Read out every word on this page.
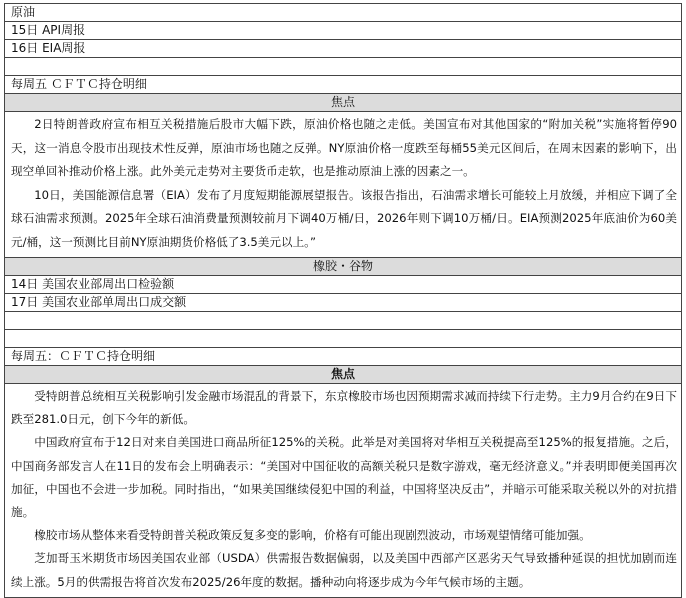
原油
15日 API周报
16日 EIA周报
每周五 ＣＦＴＣ持仓明细
焦点

2日特朗普政府宣布相互关税措施后股市大幅下跌，原油价格也随之走低。美国宣布对其他国家的“附加关税”实施将暂停90天，这一消息令股市出现技术性反弹，原油市场也随之反弹。NY原油价格一度跌至每桶55美元区间后，在周末因素的影响下，出现空单回补推动价格上涨。此外美元走势对主要货币走软，也是推动原油上涨的因素之一。

10日，美国能源信息署（EIA）发布了月度短期能源展望报告。该报告指出，石油需求增长可能较上月放缓，并相应下调了全球石油需求预测。2025年全球石油消费量预测较前月下调40万桶/日，2026年则下调10万桶/日。EIA预测2025年底油价为60美元/桶，这一预测比目前NY原油期货价格低了3.5美元以上。”

橡胶・谷物
14日 美国农业部周出口检验额
17日 美国农业部单周出口成交额
每周五：ＣＦＴＣ持仓明细
焦点

受特朗普总统相互关税影响引发金融市场混乱的背景下，东京橡胶市场也因预期需求减而持续下行走势。主力9月合约在9日下跌至281.0日元，创下今年的新低。

中国政府宣布于12日对来自美国进口商品所征125%的关税。此举是对美国将对华相互关税提高至125%的报复措施。之后，中国商务部发言人在11日的发布会上明确表示：“美国对中国征收的高额关税只是数字游戏，毫无经济意义。”并表明即便美国再次加征，中国也不会进一步加税。同时指出，“如果美国继续侵犯中国的利益，中国将坚决反击”，并暗示可能采取关税以外的对抗措施。

橡胶市场从整体来看受特朗普关税政策反复多变的影响，价格有可能出现剧烈波动，市场观望情绪可能加强。

芝加哥玉米期货市场因美国农业部（USDA）供需报告数据偏弱，以及美国中西部产区恶劣天气导致播种延误的担忧加剧而连续上涨。5月的供需报告将首次发布2025/26年度的数据。播种动向将逐步成为今年气候市场的主题。
